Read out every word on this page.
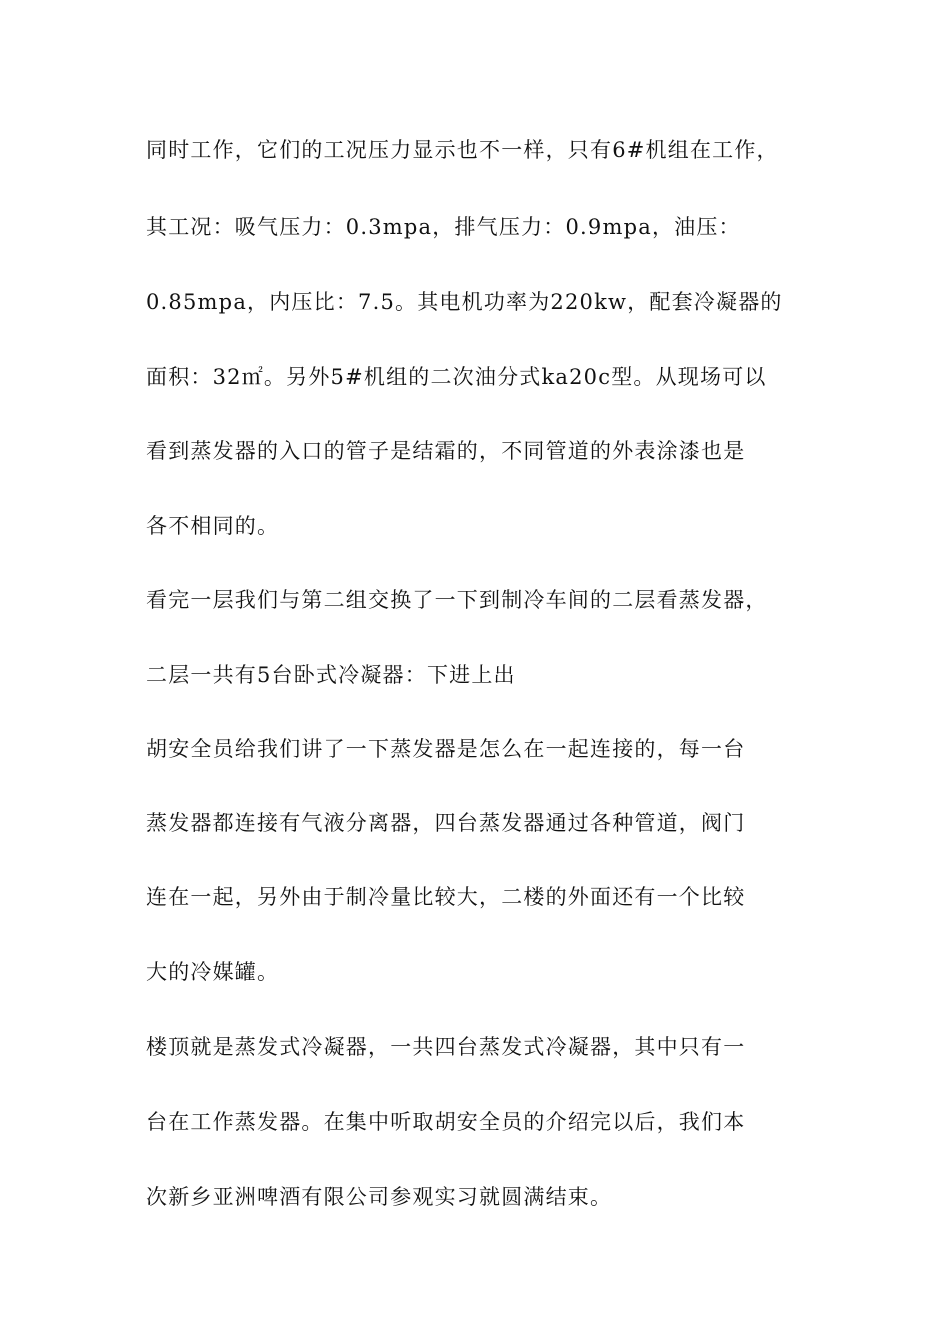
同时工作，它们的工况压力显示也不一样，只有6#机组在工作，
其工况：吸气压力：0.3mpa，排气压力：0.9mpa，油压：
0.85mpa，内压比：7.5。其电机功率为220kw，配套冷凝器的
面积：32㎡。另外5#机组的二次油分式ka20c型。从现场可以
看到蒸发器的入口的管子是结霜的，不同管道的外表涂漆也是
各不相同的。
看完一层我们与第二组交换了一下到制冷车间的二层看蒸发器，
二层一共有5台卧式冷凝器：下进上出
胡安全员给我们讲了一下蒸发器是怎么在一起连接的，每一台
蒸发器都连接有气液分离器，四台蒸发器通过各种管道，阀门
连在一起，另外由于制冷量比较大，二楼的外面还有一个比较
大的冷媒罐。
楼顶就是蒸发式冷凝器，一共四台蒸发式冷凝器，其中只有一
台在工作蒸发器。在集中听取胡安全员的介绍完以后，我们本
次新乡亚洲啤酒有限公司参观实习就圆满结束。
